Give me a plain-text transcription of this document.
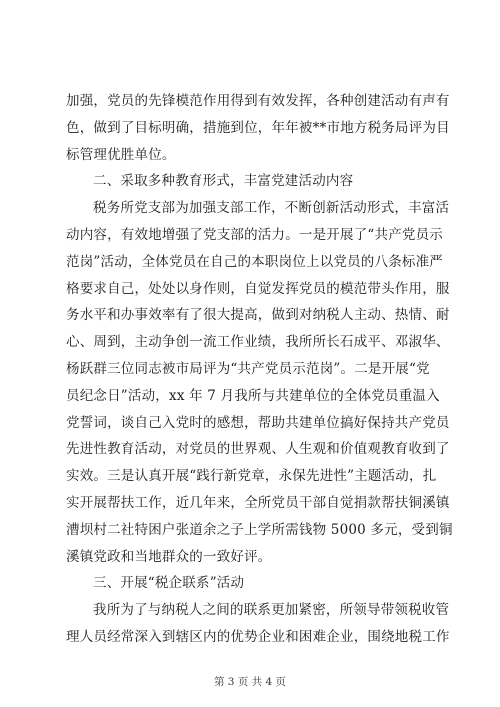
加强，党员的先锋模范作用得到有效发挥，各种创建活动有声有
色，做到了目标明确，措施到位，年年被**市地方税务局评为目
标管理优胜单位。
二、采取多种教育形式，丰富党建活动内容
税务所党支部为加强支部工作，不断创新活动形式，丰富活
动内容，有效地增强了党支部的活力。一是开展了“共产党员示
范岗”活动，全体党员在自己的本职岗位上以党员的八条标准严
格要求自己，处处以身作则，自觉发挥党员的模范带头作用，服
务水平和办事效率有了很大提高，做到对纳税人主动、热情、耐
心、周到，主动争创一流工作业绩，我所所长石成平、邓淑华、
杨跃群三位同志被市局评为“共产党员示范岗”。二是开展“党
员纪念日”活动，xx 年 7 月我所与共建单位的全体党员重温入
党誓词，谈自己入党时的感想，帮助共建单位搞好保持共产党员
先进性教育活动，对党员的世界观、人生观和价值观教育收到了
实效。三是认真开展“践行新党章，永保先进性”主题活动，扎
实开展帮扶工作，近几年来，全所党员干部自觉捐款帮扶铜溪镇
漕坝村二社特困户张道余之子上学所需钱物 5000 多元，受到铜
溪镇党政和当地群众的一致好评。
三、开展“税企联系”活动
我所为了与纳税人之间的联系更加紧密，所领导带领税收管
理人员经常深入到辖区内的优势企业和困难企业，围绕地税工作
第 3 页 共 4 页
